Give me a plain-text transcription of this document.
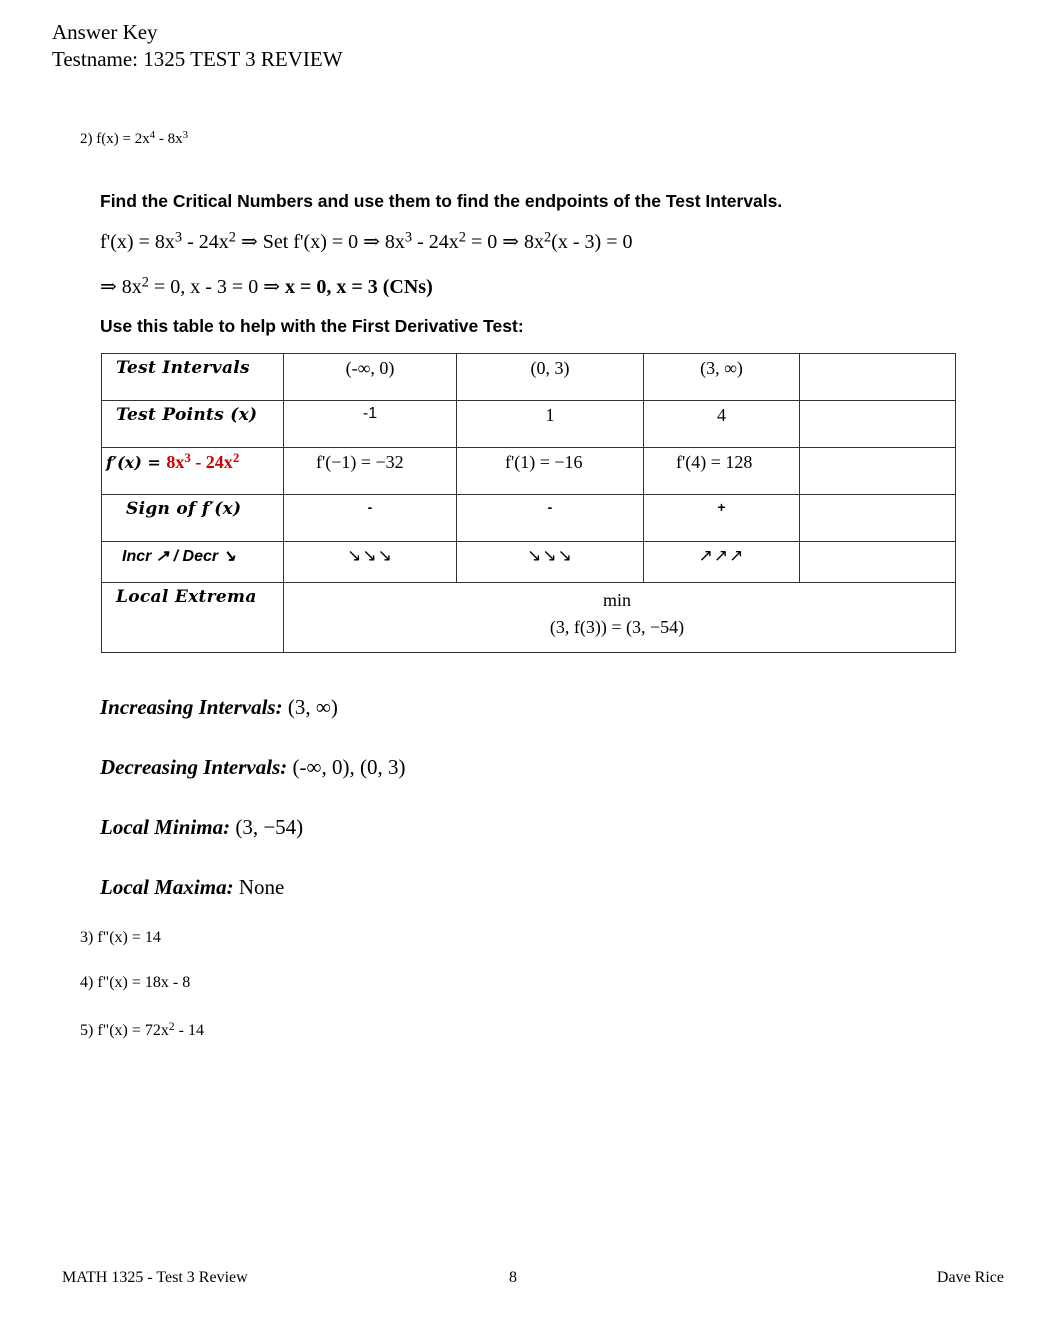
Answer Key
Testname: 1325 TEST 3 REVIEW
2) $f(x) = 2x^4 - 8x^3$
Find the Critical Numbers and use them to find the endpoints of the Test Intervals.
$f'(x) = 8x^3 - 24x^2$ ⇒ Set f'(x) = 0 ⇒ $8x^3 - 24x^2 = 0$ ⇒ $8x^2(x - 3) = 0$
⇒ $8x^2 = 0$, x - 3 = 0 ⇒ x = 0, x = 3 (CNs)
Use this table to help with the First Derivative Test:
Test Intervals	(-∞, 0)	(0, 3)	(3, ∞)	
Test Points (x)	-1	1	4	
$f'(x) = 8x^3 - 24x^2$	f'(−1) = −32	f'(1) = −16	f'(4) = 128	
Sign of f′(x)	-	-	+	
Incr ↗ / Decr ↘	↘↘↘	↘↘↘	↗↗↗	
Local Extrema	min
(3, f(3)) = (3, −54)			
Increasing Intervals: (3, ∞)
Decreasing Intervals: (-∞, 0), (0, 3)
Local Minima: (3, −54)
Local Maxima: None
3) f"(x) = 14
4) f"(x) = 18x - 8
5) f"(x) = $72x^2 - 14$
MATH 1325 - Test 3 Review	8	Dave Rice
